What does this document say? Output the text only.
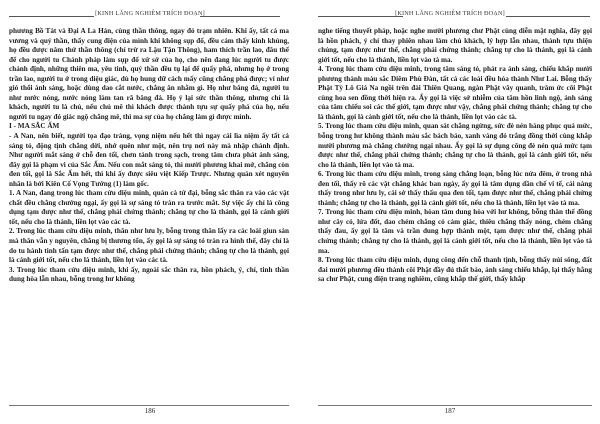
[KINH LĂNG NGHIÊM TRÍCH ĐOẠN]

phương Bồ Tát và Đại A La Hán, cùng thần thông, ngay đó trạm nhiên. Khi ấy, tất cả ma vương và quỷ thần, thấy cung điện của mình khi không sụp đổ, đều cảm thấy kinh khủng, họ đều được năm thứ thần thông (chỉ trừ ra Lậu Tận Thông), ham thích trần lao, đâu thể để cho người tu Chánh pháp làm sụp đổ xứ sở của họ, cho nên đang lúc người tu được chánh định, những thiên ma, yêu tinh, quỷ thần đều tụ lại để quấy phá, nhưng họ ở trong trần lao, người tu ở trong diệu giác, dù họ hung dữ cách mấy cũng chẳng phá được; ví như gió thổi ánh sáng, hoặc dùng dao cắt nước, chẳng ăn nhằm gì. Họ như băng đá, người tu như nước nóng, nước nóng làm tan rã băng đá. Họ ỷ lại sức thần thông, nhưng chỉ là khách, người tu là chủ, nếu chủ mê thì khách được thành tựu sự quấy phá của họ, nếu người tu ngay đó giác ngộ chẳng mê, thì ma sự của họ chẳng làm gì được mình.

I - MA SẮC ẤM

- A Nan, nên biết, người tọa đạo tràng, vọng niệm nếu hết thì ngay cái lìa niệm ấy tất cả sáng tỏ, động tịnh chẳng dời, nhớ quên như một, nên trụ nơi này mà nhập chánh định. Như người mắt sáng ở chỗ đen tối, chơn tánh trong sạch, trong tâm chưa phát ánh sáng, đây gọi là phạm vi của Sắc Ấm. Nếu con mắt sáng tỏ, thì mười phương khai mở, chẳng còn đen tối, gọi là Sắc Ấm hết, thì khi ấy được siêu việt Kiếp Trược. Nhưng quán xét nguyên nhân là bởi Kiên Cố Vọng Tưởng (1) làm gốc.

1. A Nan, đang trong lúc tham cứu diệu minh, quán cả tứ đại, bỗng sắc thân ra vào các vật chất đều chẳng chướng ngại, ấy gọi là sự sáng tỏ tràn ra trước mắt. Sự việc ấy chỉ là công dụng tạm được như thế, chẳng phải chứng thánh; chẳng tự cho là thánh, gọi là cảnh giới tốt, nếu cho là thánh, liền lọt vào các tà.

2. Trong lúc tham cứu diệu minh, thân như lưu ly, bỗng trong thân lấy ra các loài giun sán mà thân vẫn y nguyên, chẳng bị thương tổn, ấy gọi là sự sáng tỏ tràn ra hình thể, đây chỉ là do tu hành tinh tấn tạm được như thế, chẳng phải chứng thánh; chẳng tự cho là thánh, gọi là cảnh giới tốt, nếu cho là thánh, liền lọt vào các tà.

3. Trong lúc tham cứu diệu minh, khi ấy, ngoài sắc thân ra, hồn phách, ý, chí, tinh thần dung hòa lẫn nhau, bỗng trong hư không

186
[KINH LĂNG NGHIÊM TRÍCH ĐOẠN]

nghe tiếng thuyết pháp, hoặc nghe mười phương chư Phật cùng diễn mật nghĩa, đây gọi là hồn phách, ý chí thay phiên nhau làm chủ khách, lý hợp lẫn nhau, thành tựu thiện chủng, tạm được như thế, chẳng phải chứng thánh; chẳng tự cho là thánh, gọi là cảnh giới tốt, nếu cho là thánh, liền lọt vào tà ma.

4. Trong lúc tham cứu diệu minh, trong tâm sáng tỏ, phát ra ánh sáng, chiếu khắp mười phương thành màu sắc Diêm Phù Đàn, tất cả các loài đều hóa thành Như Lai. Bỗng thấy Phật Tỳ Lô Giá Na ngồi trên đài Thiên Quang, ngàn Phật vây quanh, trăm ức cõi Phật cùng hoa sen đồng thời hiện ra. Ấy gọi là việc sở nhiễm của tâm hồn linh ngộ, ánh sáng của tâm chiếu soi các thế giới, tạm được như vậy, chẳng phải chứng thánh; chẳng tự cho là thánh, gọi là cảnh giới tốt, nếu cho là thánh, liền lọt vào các tà.

5. Trong lúc tham cứu diệu minh, quan sát chẳng ngừng, sức đè nén hàng phục quá mức, bỗng trong hư không thành màu sắc bách bảo, xanh vàng đỏ trắng đồng thời cùng khắp mười phương mà chẳng chướng ngại nhau. Ấy gọi là sự dụng công đè nén quá mức tạm được như thế, chẳng phải chứng thánh; chẳng tự cho là thánh, gọi là cảnh giới tốt, nếu cho là thánh, liền lọt vào tà ma.

6. Trong lúc tham cứu diệu minh, trong sáng chẳng loạn, bỗng lúc nửa đêm, ở trong nhà đen tối, thấy rõ các vật chẳng khác ban ngày, ấy gọi là tâm dụng dần chế vi tế, cái nàng thấy trong như lưu ly, cái sở thấy thấu qua đen tối, tạm được như thế, chẳng phải chứng thánh; chẳng tự cho là thánh, gọi là cảnh giới tốt, nếu cho là thánh, liền lọt vào tà ma.

7. Trong lúc tham cứu diệu minh, hòan tâm dung hòa với hư không, bỗng thân thể đồng như cây cỏ, lửa đốt, dao chém chẳng có cảm giác, thiêu chẳng thấy nóng, chém chẳng thấy đau, ấy gọi là tâm và trần dung hợp thành một, tạm được như thế, chẳng phải chứng thánh; chẳng tự cho là thánh, gọi là cảnh giới tốt, nếu cho là thánh, liền lọt vào tà ma.

8. Trong lúc tham cứu diệu minh, dụng công đến chỗ thanh tịnh, bỗng thấy núi sông, đất đai mười phương đều thành cõi Phật đầy đủ thất bảo, ánh sáng chiếu khắp, lại thấy hằng sa chư Phật, cung điện trang nghiêm, cũng khắp thế giới, thấy khắp

187
